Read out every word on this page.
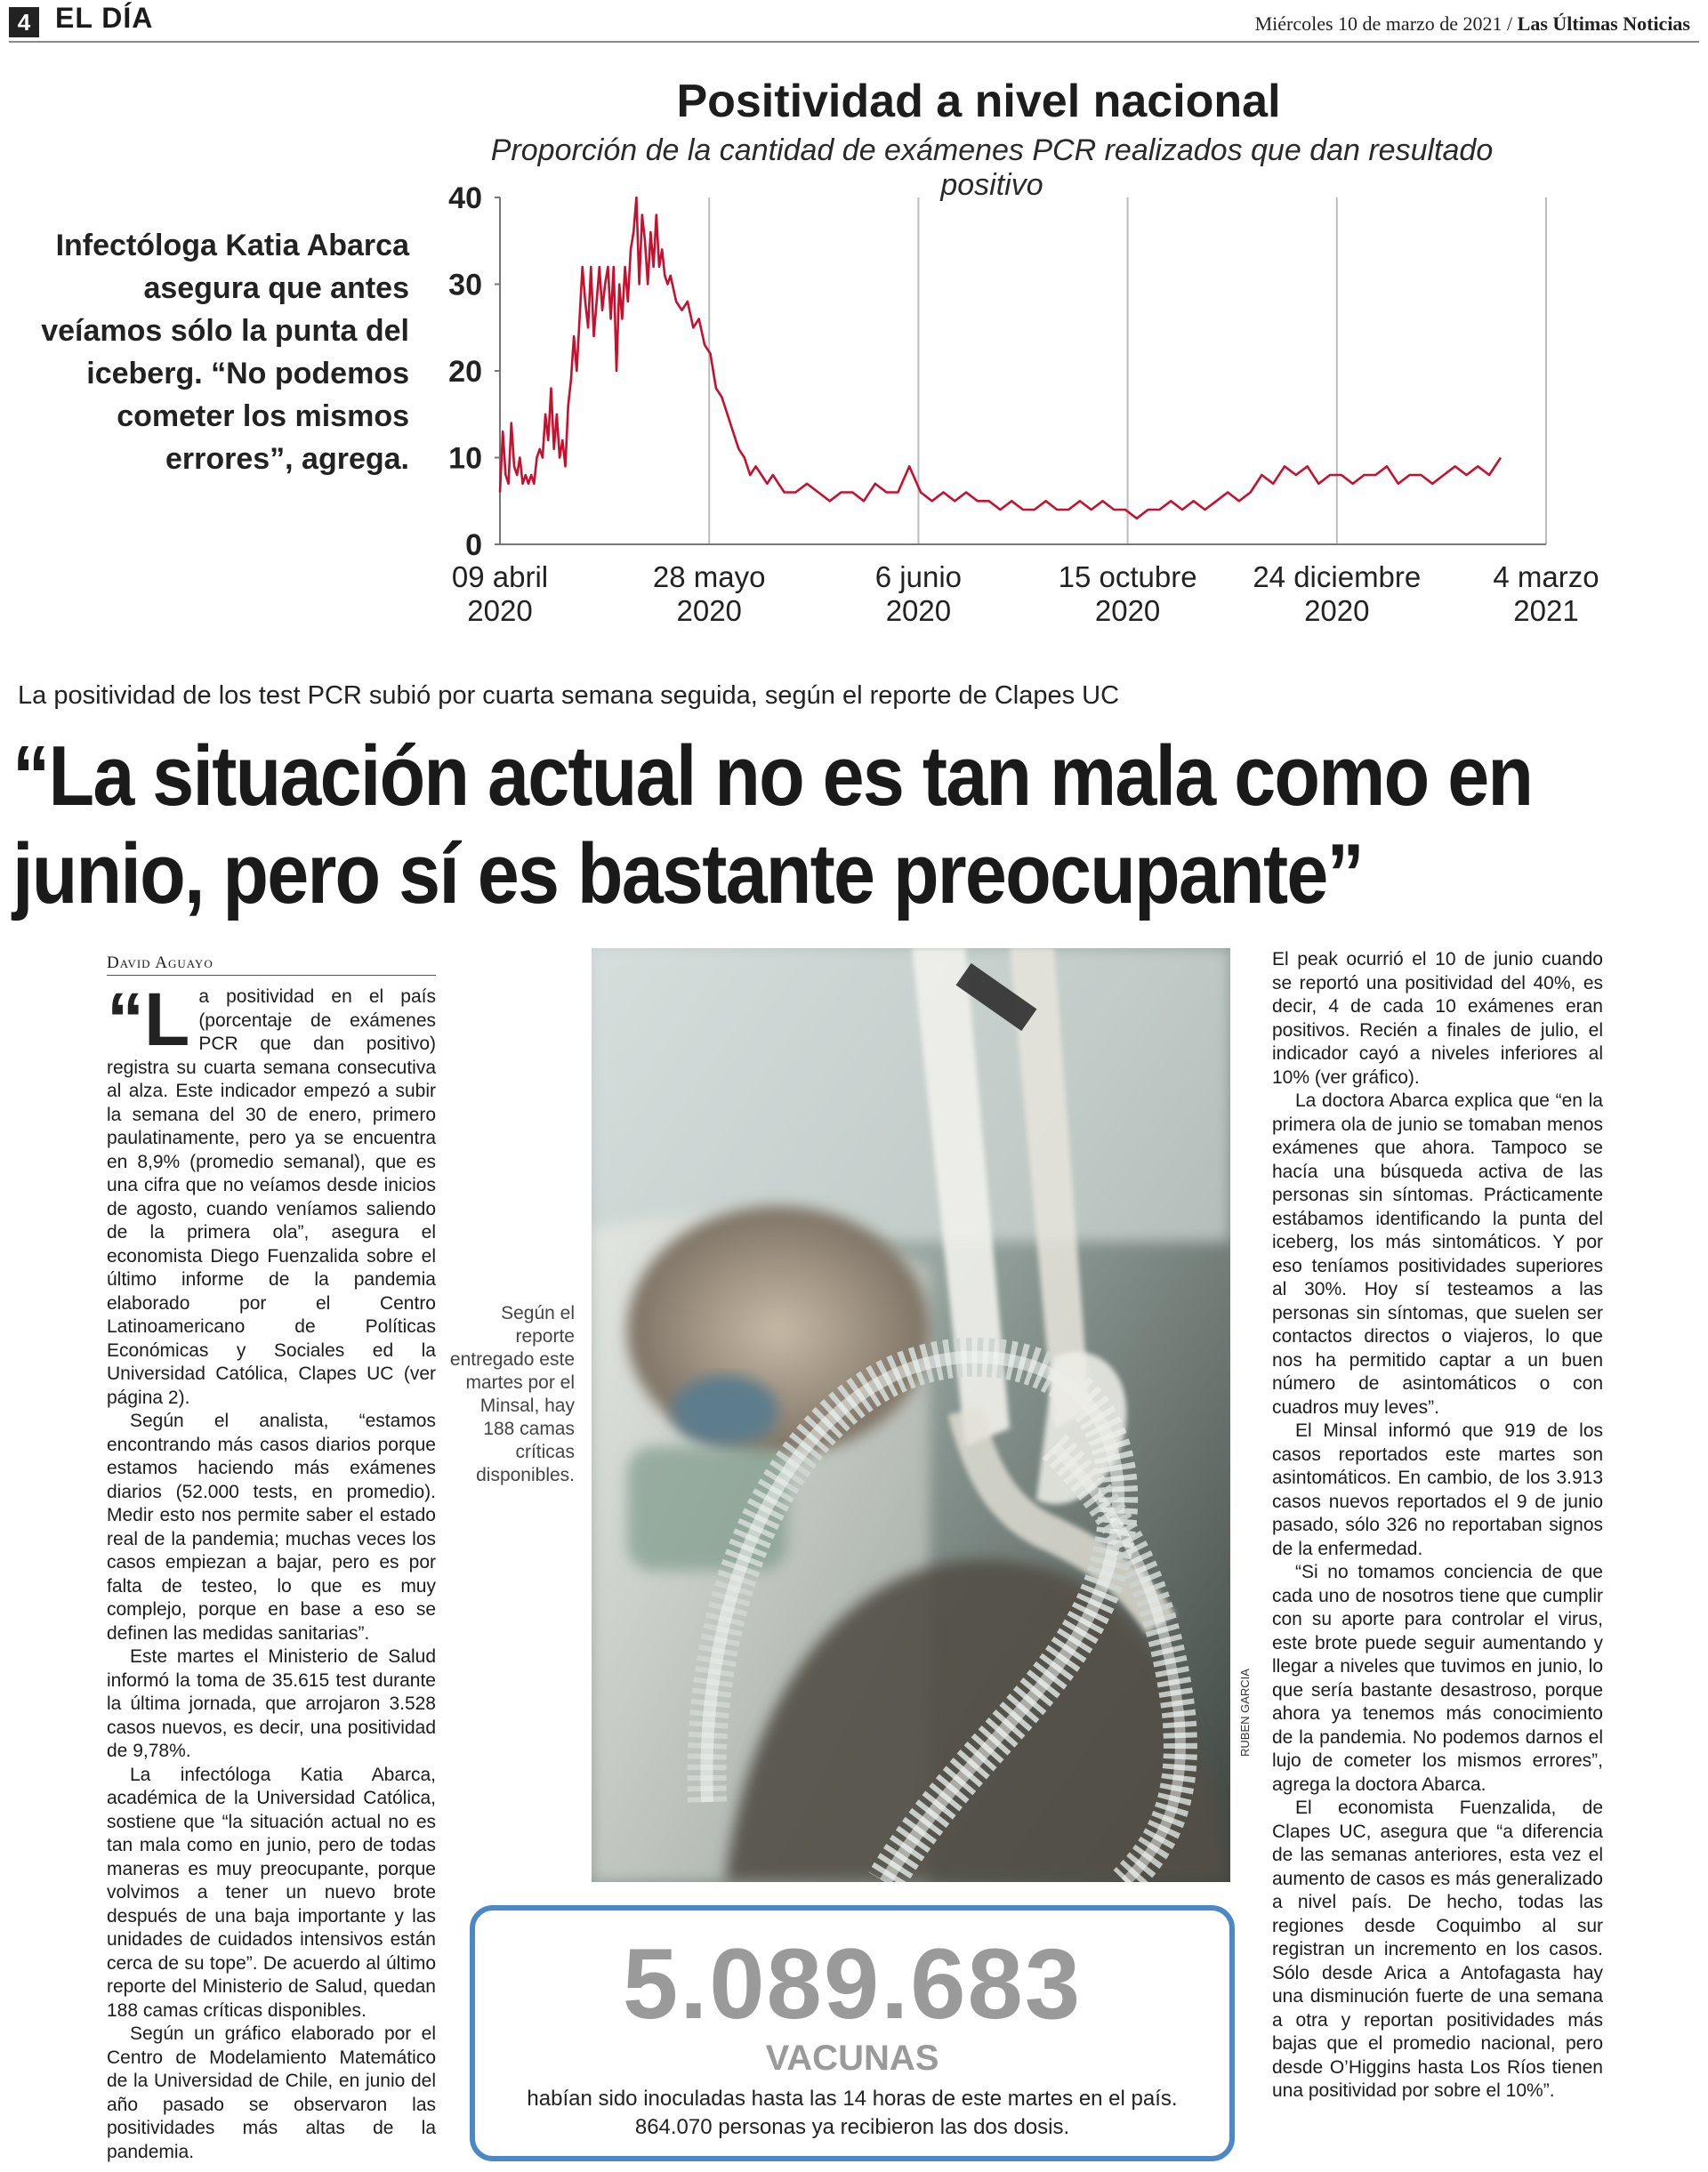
4 EL DÍA	Miércoles 10 de marzo de 2021 / Las Últimas Noticias
Positividad a nivel nacional
Proporción de la cantidad de exámenes PCR realizados que dan resultado positivo
0
10
20
30
40
09 abril
2020
28 mayo
2020
6 junio
2020
15 octubre
2020
24 diciembre
2020
4 marzo
2021
Infectóloga Katia Abarca asegura que antes veíamos sólo la punta del iceberg. “No podemos cometer los mismos errores”, agrega.
La positividad de los test PCR subió por cuarta semana seguida, según el reporte de Clapes UC
“La situación actual no es tan mala como en
junio, pero sí es bastante preocupante”
David Aguayo

“La positividad en el país (porcentaje de exámenes PCR que dan positivo) registra su cuarta semana consecutiva al alza. Este indicador empezó a subir la semana del 30 de enero, primero paulatinamente, pero ya se encuentra en 8,9% (promedio semanal), que es una cifra que no veíamos desde inicios de agosto, cuando veníamos saliendo de la primera ola”, asegura el economista Diego Fuenzalida sobre el último informe de la pandemia elaborado por el Centro Latinoamericano de Políticas Económicas y Sociales ed la Universidad Católica, Clapes UC (ver página 2).

Según el analista, “estamos encontrando más casos diarios porque estamos haciendo más exámenes diarios (52.000 tests, en promedio). Medir esto nos permite saber el estado real de la pandemia; muchas veces los casos empiezan a bajar, pero es por falta de testeo, lo que es muy complejo, porque en base a eso se definen las medidas sanitarias”.

Este martes el Ministerio de Salud informó la toma de 35.615 test durante la última jornada, que arrojaron 3.528 casos nuevos, es decir, una positividad de 9,78%.

La infectóloga Katia Abarca, académica de la Universidad Católica, sostiene que “la situación actual no es tan mala como en junio, pero de todas maneras es muy preocupante, porque volvimos a tener un nuevo brote después de una baja importante y las unidades de cuidados intensivos están cerca de su tope”. De acuerdo al último reporte del Ministerio de Salud, quedan 188 camas críticas disponibles.

Según un gráfico elaborado por el Centro de Modelamiento Matemático de la Universidad de Chile, en junio del año pasado se observaron las positividades más altas de la pandemia.

Según el reporte entregado este martes por el Minsal, hay 188 camas críticas disponibles.
RUBEN GARCIA

El peak ocurrió el 10 de junio cuando se reportó una positividad del 40%, es decir, 4 de cada 10 exámenes eran positivos. Recién a finales de julio, el indicador cayó a niveles inferiores al 10% (ver gráfico).

La doctora Abarca explica que “en la primera ola de junio se tomaban menos exámenes que ahora. Tampoco se hacía una búsqueda activa de las personas sin síntomas. Prácticamente estábamos identificando la punta del iceberg, los más sintomáticos. Y por eso teníamos positividades superiores al 30%. Hoy sí testeamos a las personas sin síntomas, que suelen ser contactos directos o viajeros, lo que nos ha permitido captar a un buen número de asintomáticos o con cuadros muy leves”.

El Minsal informó que 919 de los casos reportados este martes son asintomáticos. En cambio, de los 3.913 casos nuevos reportados el 9 de junio pasado, sólo 326 no reportaban signos de la enfermedad.

“Si no tomamos conciencia de que cada uno de nosotros tiene que cumplir con su aporte para controlar el virus, este brote puede seguir aumentando y llegar a niveles que tuvimos en junio, lo que sería bastante desastroso, porque ahora ya tenemos más conocimiento de la pandemia. No podemos darnos el lujo de cometer los mismos errores”, agrega la doctora Abarca.

El economista Fuenzalida, de Clapes UC, asegura que “a diferencia de las semanas anteriores, esta vez el aumento de casos es más generalizado a nivel país. De hecho, todas las regiones desde Coquimbo al sur registran un incremento en los casos. Sólo desde Arica a Antofagasta hay una disminución fuerte de una semana a otra y reportan positividades más bajas que el promedio nacional, pero desde O’Higgins hasta Los Ríos tienen una positividad por sobre el 10%”.

5.089.683
VACUNAS
habían sido inoculadas hasta las 14 horas de este martes en el país.
864.070 personas ya recibieron las dos dosis.
